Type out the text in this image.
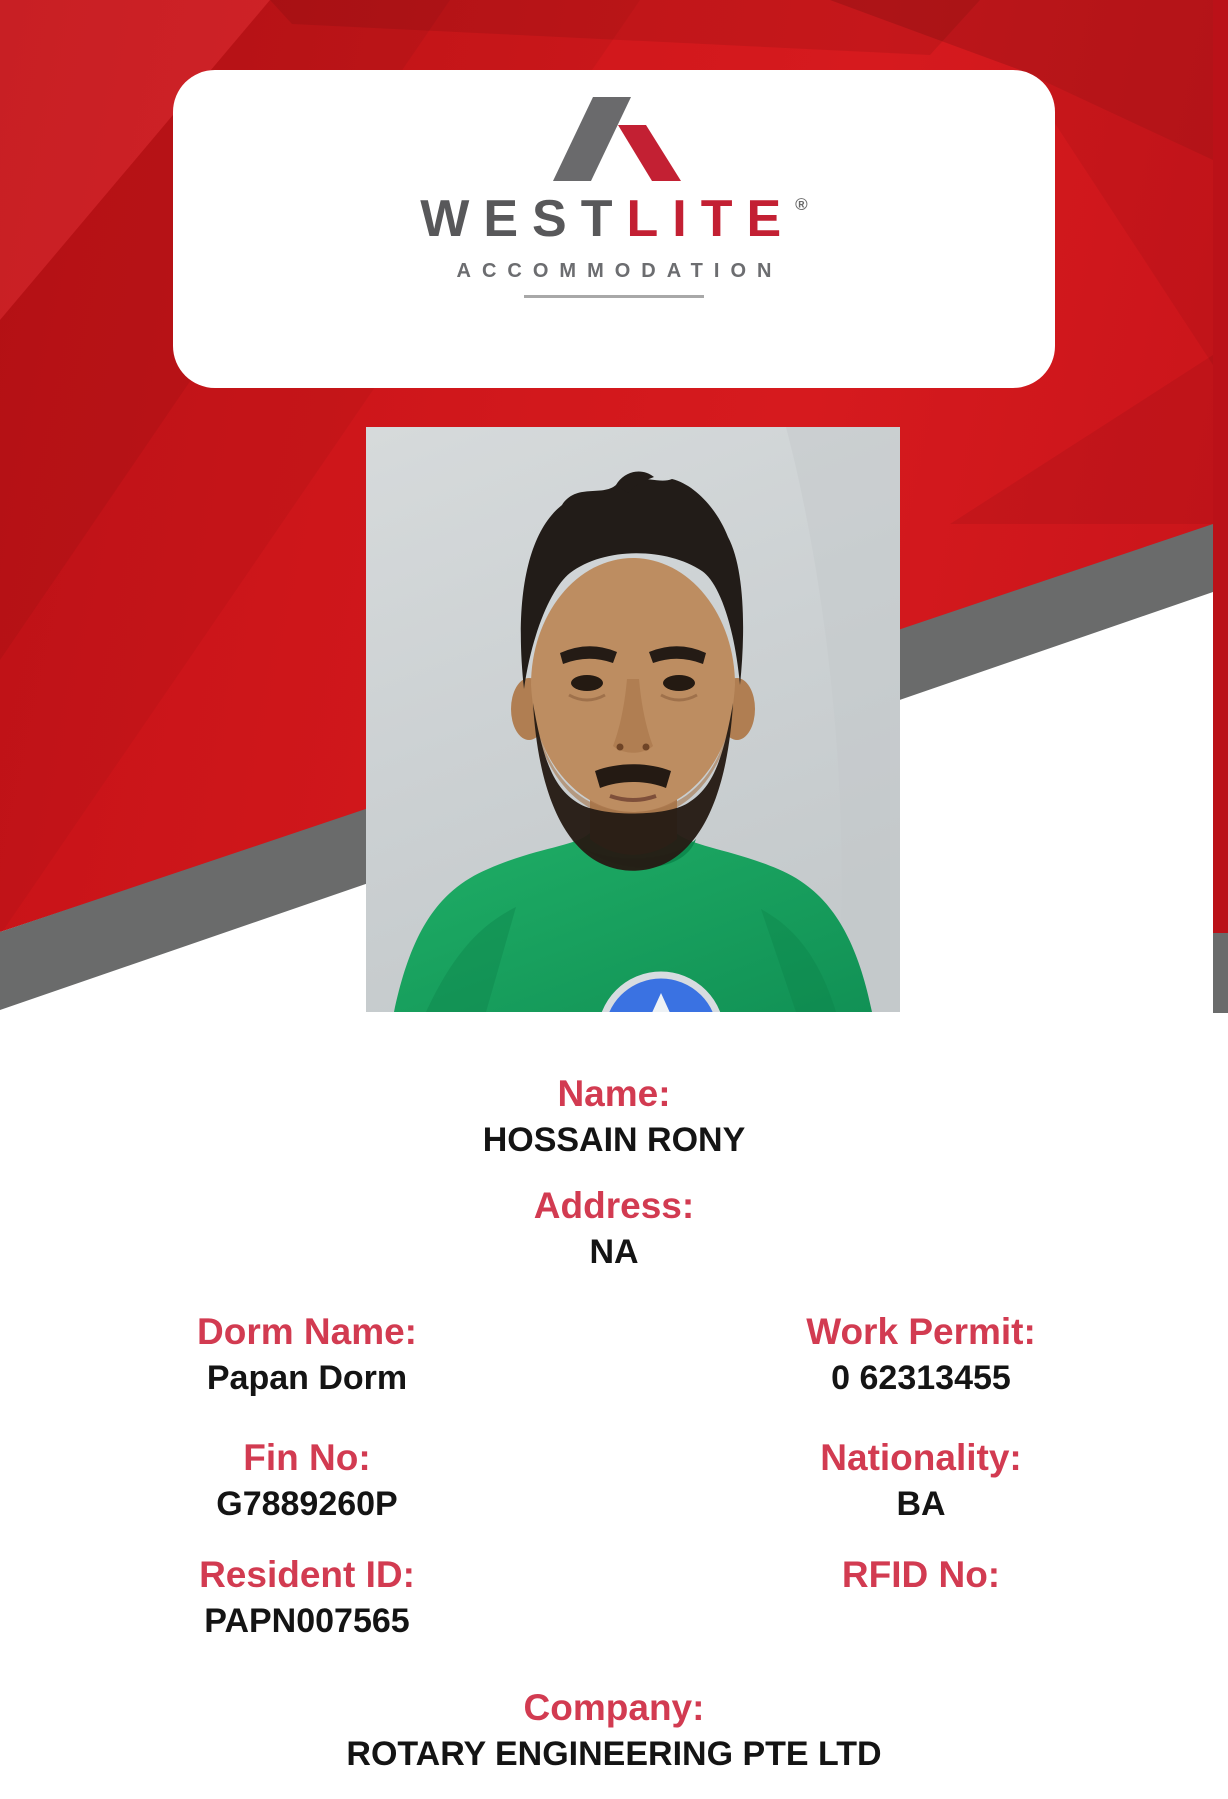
WESTLITE®
ACCOMMODATION
Name:
HOSSAIN RONY
Address:
NA
Dorm Name:
Papan Dorm
Work Permit:
0 62313455
Fin No:
G7889260P
Nationality:
BA
Resident ID:
PAPN007565
RFID No:
Company:
ROTARY ENGINEERING PTE LTD
